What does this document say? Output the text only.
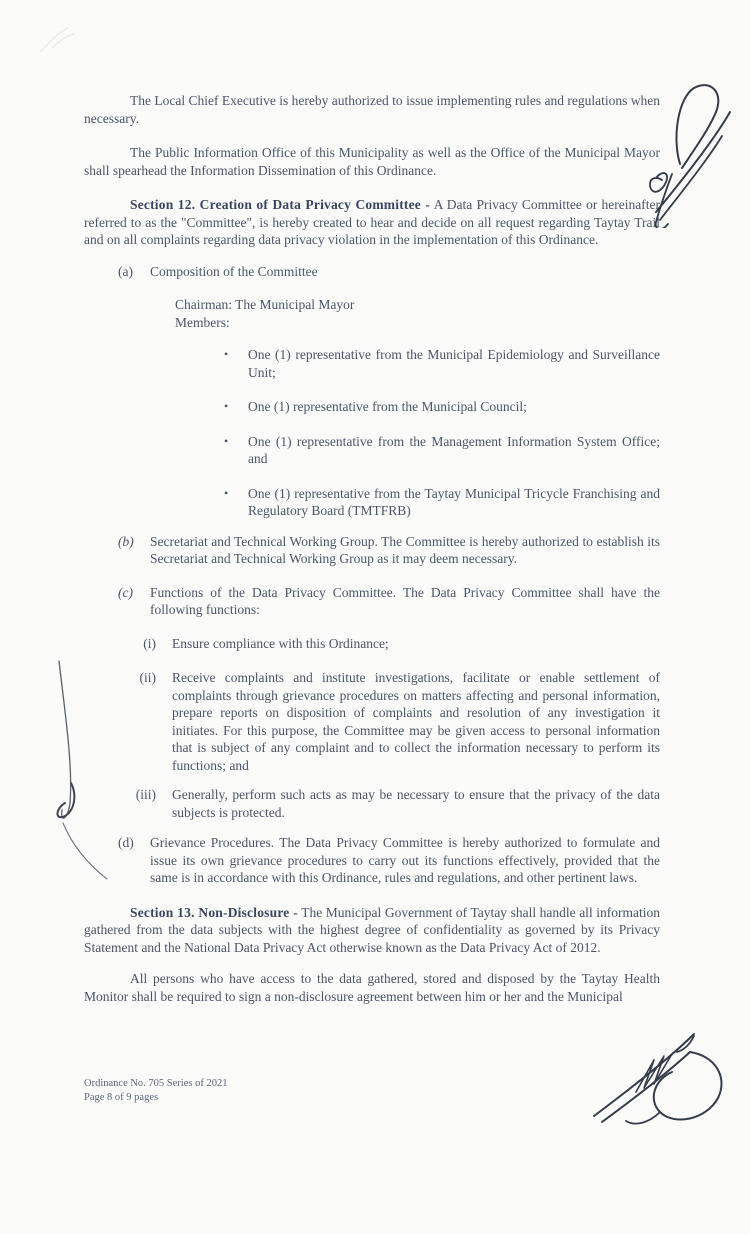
The Local Chief Executive is hereby authorized to issue implementing rules and regulations when necessary.

The Public Information Office of this Municipality as well as the Office of the Municipal Mayor shall spearhead the Information Dissemination of this Ordinance.

Section 12. Creation of Data Privacy Committee - A Data Privacy Committee or hereinafter referred to as the "Committee", is hereby created to hear and decide on all request regarding Taytay Trail and on all complaints regarding data privacy violation in the implementation of this Ordinance.

(a)	Composition of the Committee
Chairman: The Municipal Mayor
Members:
•	One (1) representative from the Municipal Epidemiology and Surveillance Unit;
•	One (1) representative from the Municipal Council;
•	One (1) representative from the Management Information System Office; and
•	One (1) representative from the Taytay Municipal Tricycle Franchising and Regulatory Board (TMTFRB)
(b)	Secretariat and Technical Working Group. The Committee is hereby authorized to establish its Secretariat and Technical Working Group as it may deem necessary.
(c)	Functions of the Data Privacy Committee. The Data Privacy Committee shall have the following functions:
(i) Ensure compliance with this Ordinance;
(ii) Receive complaints and institute investigations, facilitate or enable settlement of complaints through grievance procedures on matters affecting and personal information, prepare reports on disposition of complaints and resolution of any investigation it initiates. For this purpose, the Committee may be given access to personal information that is subject of any complaint and to collect the information necessary to perform its functions; and
(iii) Generally, perform such acts as may be necessary to ensure that the privacy of the data subjects is protected.
(d)	Grievance Procedures. The Data Privacy Committee is hereby authorized to formulate and issue its own grievance procedures to carry out its functions effectively, provided that the same is in accordance with this Ordinance, rules and regulations, and other pertinent laws.

Section 13. Non-Disclosure - The Municipal Government of Taytay shall handle all information gathered from the data subjects with the highest degree of confidentiality as governed by its Privacy Statement and the National Data Privacy Act otherwise known as the Data Privacy Act of 2012.

All persons who have access to the data gathered, stored and disposed by the Taytay Health Monitor shall be required to sign a non-disclosure agreement between him or her and the Municipal

Ordinance No. 705 Series of 2021
Page 8 of 9 pages
